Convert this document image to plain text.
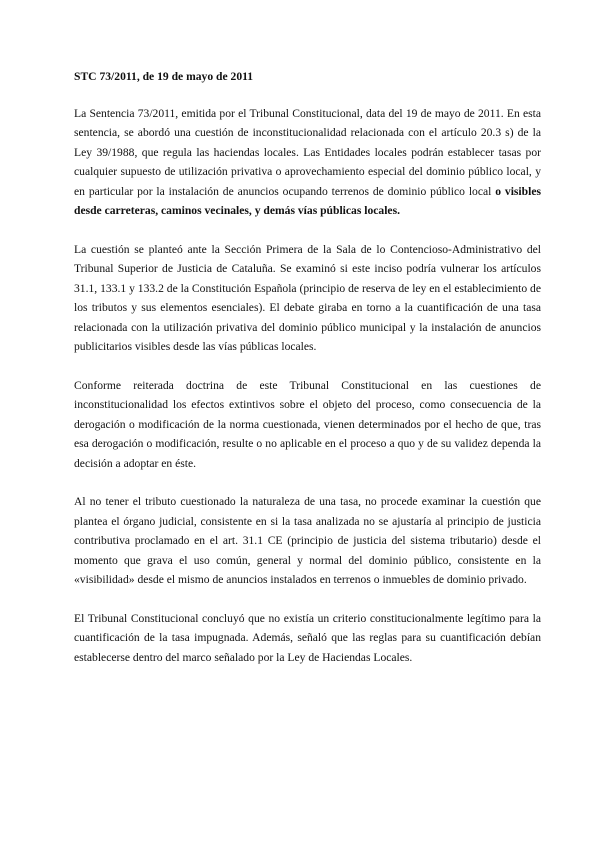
STC 73/2011, de 19 de mayo de 2011

La Sentencia 73/2011, emitida por el Tribunal Constitucional, data del 19 de mayo de 2011. En esta sentencia, se abordó una cuestión de inconstitucionalidad relacionada con el artículo 20.3 s) de la Ley 39/1988, que regula las haciendas locales. Las Entidades locales podrán establecer tasas por cualquier supuesto de utilización privativa o aprovechamiento especial del dominio público local, y en particular por la instalación de anuncios ocupando terrenos de dominio público local o visibles desde carreteras, caminos vecinales, y demás vías públicas locales.

La cuestión se planteó ante la Sección Primera de la Sala de lo Contencioso-Administrativo del Tribunal Superior de Justicia de Cataluña. Se examinó si este inciso podría vulnerar los artículos 31.1, 133.1 y 133.2 de la Constitución Española (principio de reserva de ley en el establecimiento de los tributos y sus elementos esenciales). El debate giraba en torno a la cuantificación de una tasa relacionada con la utilización privativa del dominio público municipal y la instalación de anuncios publicitarios visibles desde las vías públicas locales.

Conforme reiterada doctrina de este Tribunal Constitucional en las cuestiones de inconstitucionalidad los efectos extintivos sobre el objeto del proceso, como consecuencia de la derogación o modificación de la norma cuestionada, vienen determinados por el hecho de que, tras esa derogación o modificación, resulte o no aplicable en el proceso a quo y de su validez dependa la decisión a adoptar en éste.

Al no tener el tributo cuestionado la naturaleza de una tasa, no procede examinar la cuestión que plantea el órgano judicial, consistente en si la tasa analizada no se ajustaría al principio de justicia contributiva proclamado en el art. 31.1 CE (principio de justicia del sistema tributario) desde el momento que grava el uso común, general y normal del dominio público, consistente en la «visibilidad» desde el mismo de anuncios instalados en terrenos o inmuebles de dominio privado.

El Tribunal Constitucional concluyó que no existía un criterio constitucionalmente legítimo para la cuantificación de la tasa impugnada. Además, señaló que las reglas para su cuantificación debían establecerse dentro del marco señalado por la Ley de Haciendas Locales.
